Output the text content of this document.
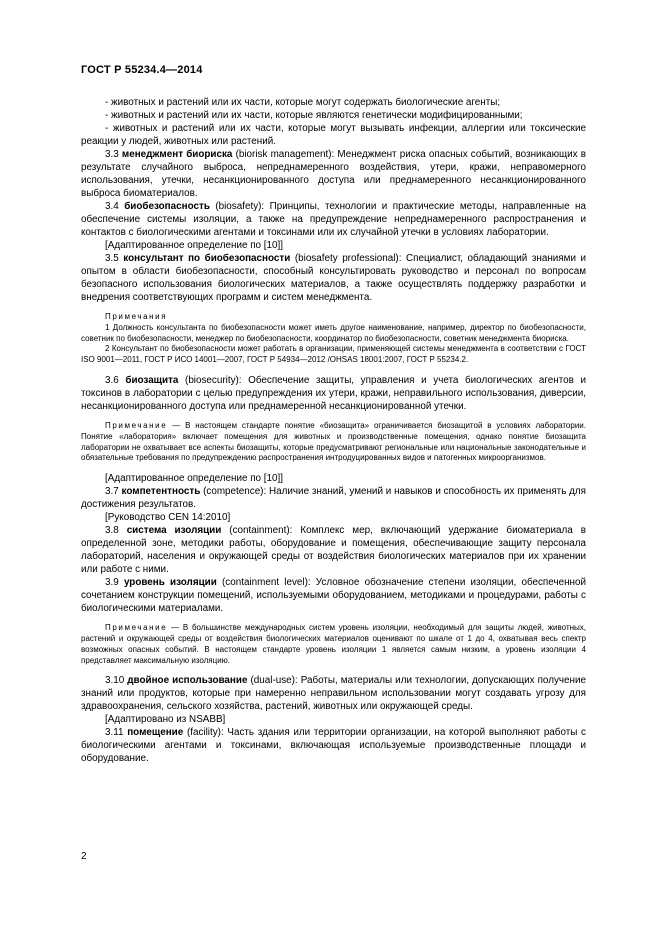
ГОСТ Р 55234.4—2014

- животных и растений или их части, которые могут содержать биологические агенты;

- животных и растений или их части, которые являются генетически модифицированными;

- животных и растений или их части, которые могут вызывать инфекции, аллергии или токсические реакции у людей, животных или растений.

3.3 менеджмент биориска (biorisk management): Менеджмент риска опасных событий, возникающих в результате случайного выброса, непреднамеренного воздействия, утери, кражи, неправомерного использования, утечки, несанкционированного доступа или преднамеренного несанкционированного выброса биоматериалов.

3.4 биобезопасность (biosafety): Принципы, технологии и практические методы, направленные на обеспечение системы изоляции, а также на предупреждение непреднамеренного распространения и контактов с биологическими агентами и токсинами или их случайной утечки в условиях лаборатории.

[Адаптированное определение по [10]]

3.5 консультант по биобезопасности (biosafety professional): Специалист, обладающий знаниями и опытом в области биобезопасности, способный консультировать руководство и персонал по вопросам безопасного использования биологических материалов, а также осуществлять поддержку разработки и внедрения соответствующих программ и систем менеджмента.

Примечания

1 Должность консультанта по биобезопасности может иметь другое наименование, например, директор по биобезопасности, советник по биобезопасности, менеджер по биобезопасности, координатор по биобезопасности, советник менеджмента биориска.

2 Консультант по биобезопасности может работать в организации, применяющей системы менеджмента в соответствии с ГОСТ ISO 9001—2011, ГОСТ Р ИСО 14001—2007, ГОСТ Р 54934—2012 /OHSAS 18001:2007, ГОСТ Р 55234.2.

3.6 биозащита (biosecurity): Обеспечение защиты, управления и учета биологических агентов и токсинов в лаборатории с целью предупреждения их утери, кражи, неправильного использования, диверсии, несанкционированного доступа или преднамеренной несанкционированной утечки.

Примечание — В настоящем стандарте понятие «биозащита» ограничивается биозащитой в условиях лаборатории. Понятие «лаборатория» включает помещения для животных и производственные помещения, однако понятие биозащита лаборатории не охватывает все аспекты биозащиты, которые предусматривают региональные или национальные законодательные и обязательные требования по предупреждению распространения интродуцированных видов и патогенных микроорганизмов.

[Адаптированное определение по [10]]

3.7 компетентность (competence): Наличие знаний, умений и навыков и способность их применять для достижения результатов.

[Руководство CEN 14:2010]

3.8 система изоляции (containment): Комплекс мер, включающий удержание биоматериала в определенной зоне, методики работы, оборудование и помещения, обеспечивающие защиту персонала лабораторий, населения и окружающей среды от воздействия биологических материалов при их хранении или работе с ними.

3.9 уровень изоляции (containment level): Условное обозначение степени изоляции, обеспеченной сочетанием конструкции помещений, используемыми оборудованием, методиками и процедурами, работы с биологическими материалами.

Примечание — В большинстве международных систем уровень изоляции, необходимый для защиты людей, животных, растений и окружающей среды от воздействия биологических материалов оценивают по шкале от 1 до 4, охватывая весь спектр возможных опасных событий. В настоящем стандарте уровень изоляции 1 является самым низким, а уровень изоляции 4 представляет максимальную изоляцию.

3.10 двойное использование (dual-use): Работы, материалы или технологии, допускающих получение знаний или продуктов, которые при намеренно неправильном использовании могут создавать угрозу для здравоохранения, сельского хозяйства, растений, животных или окружающей среды.

[Адаптировано из NSABB]

3.11 помещение (facility): Часть здания или территории организации, на которой выполняют работы с биологическими агентами и токсинами, включающая используемые производственные площади и оборудование.

2
